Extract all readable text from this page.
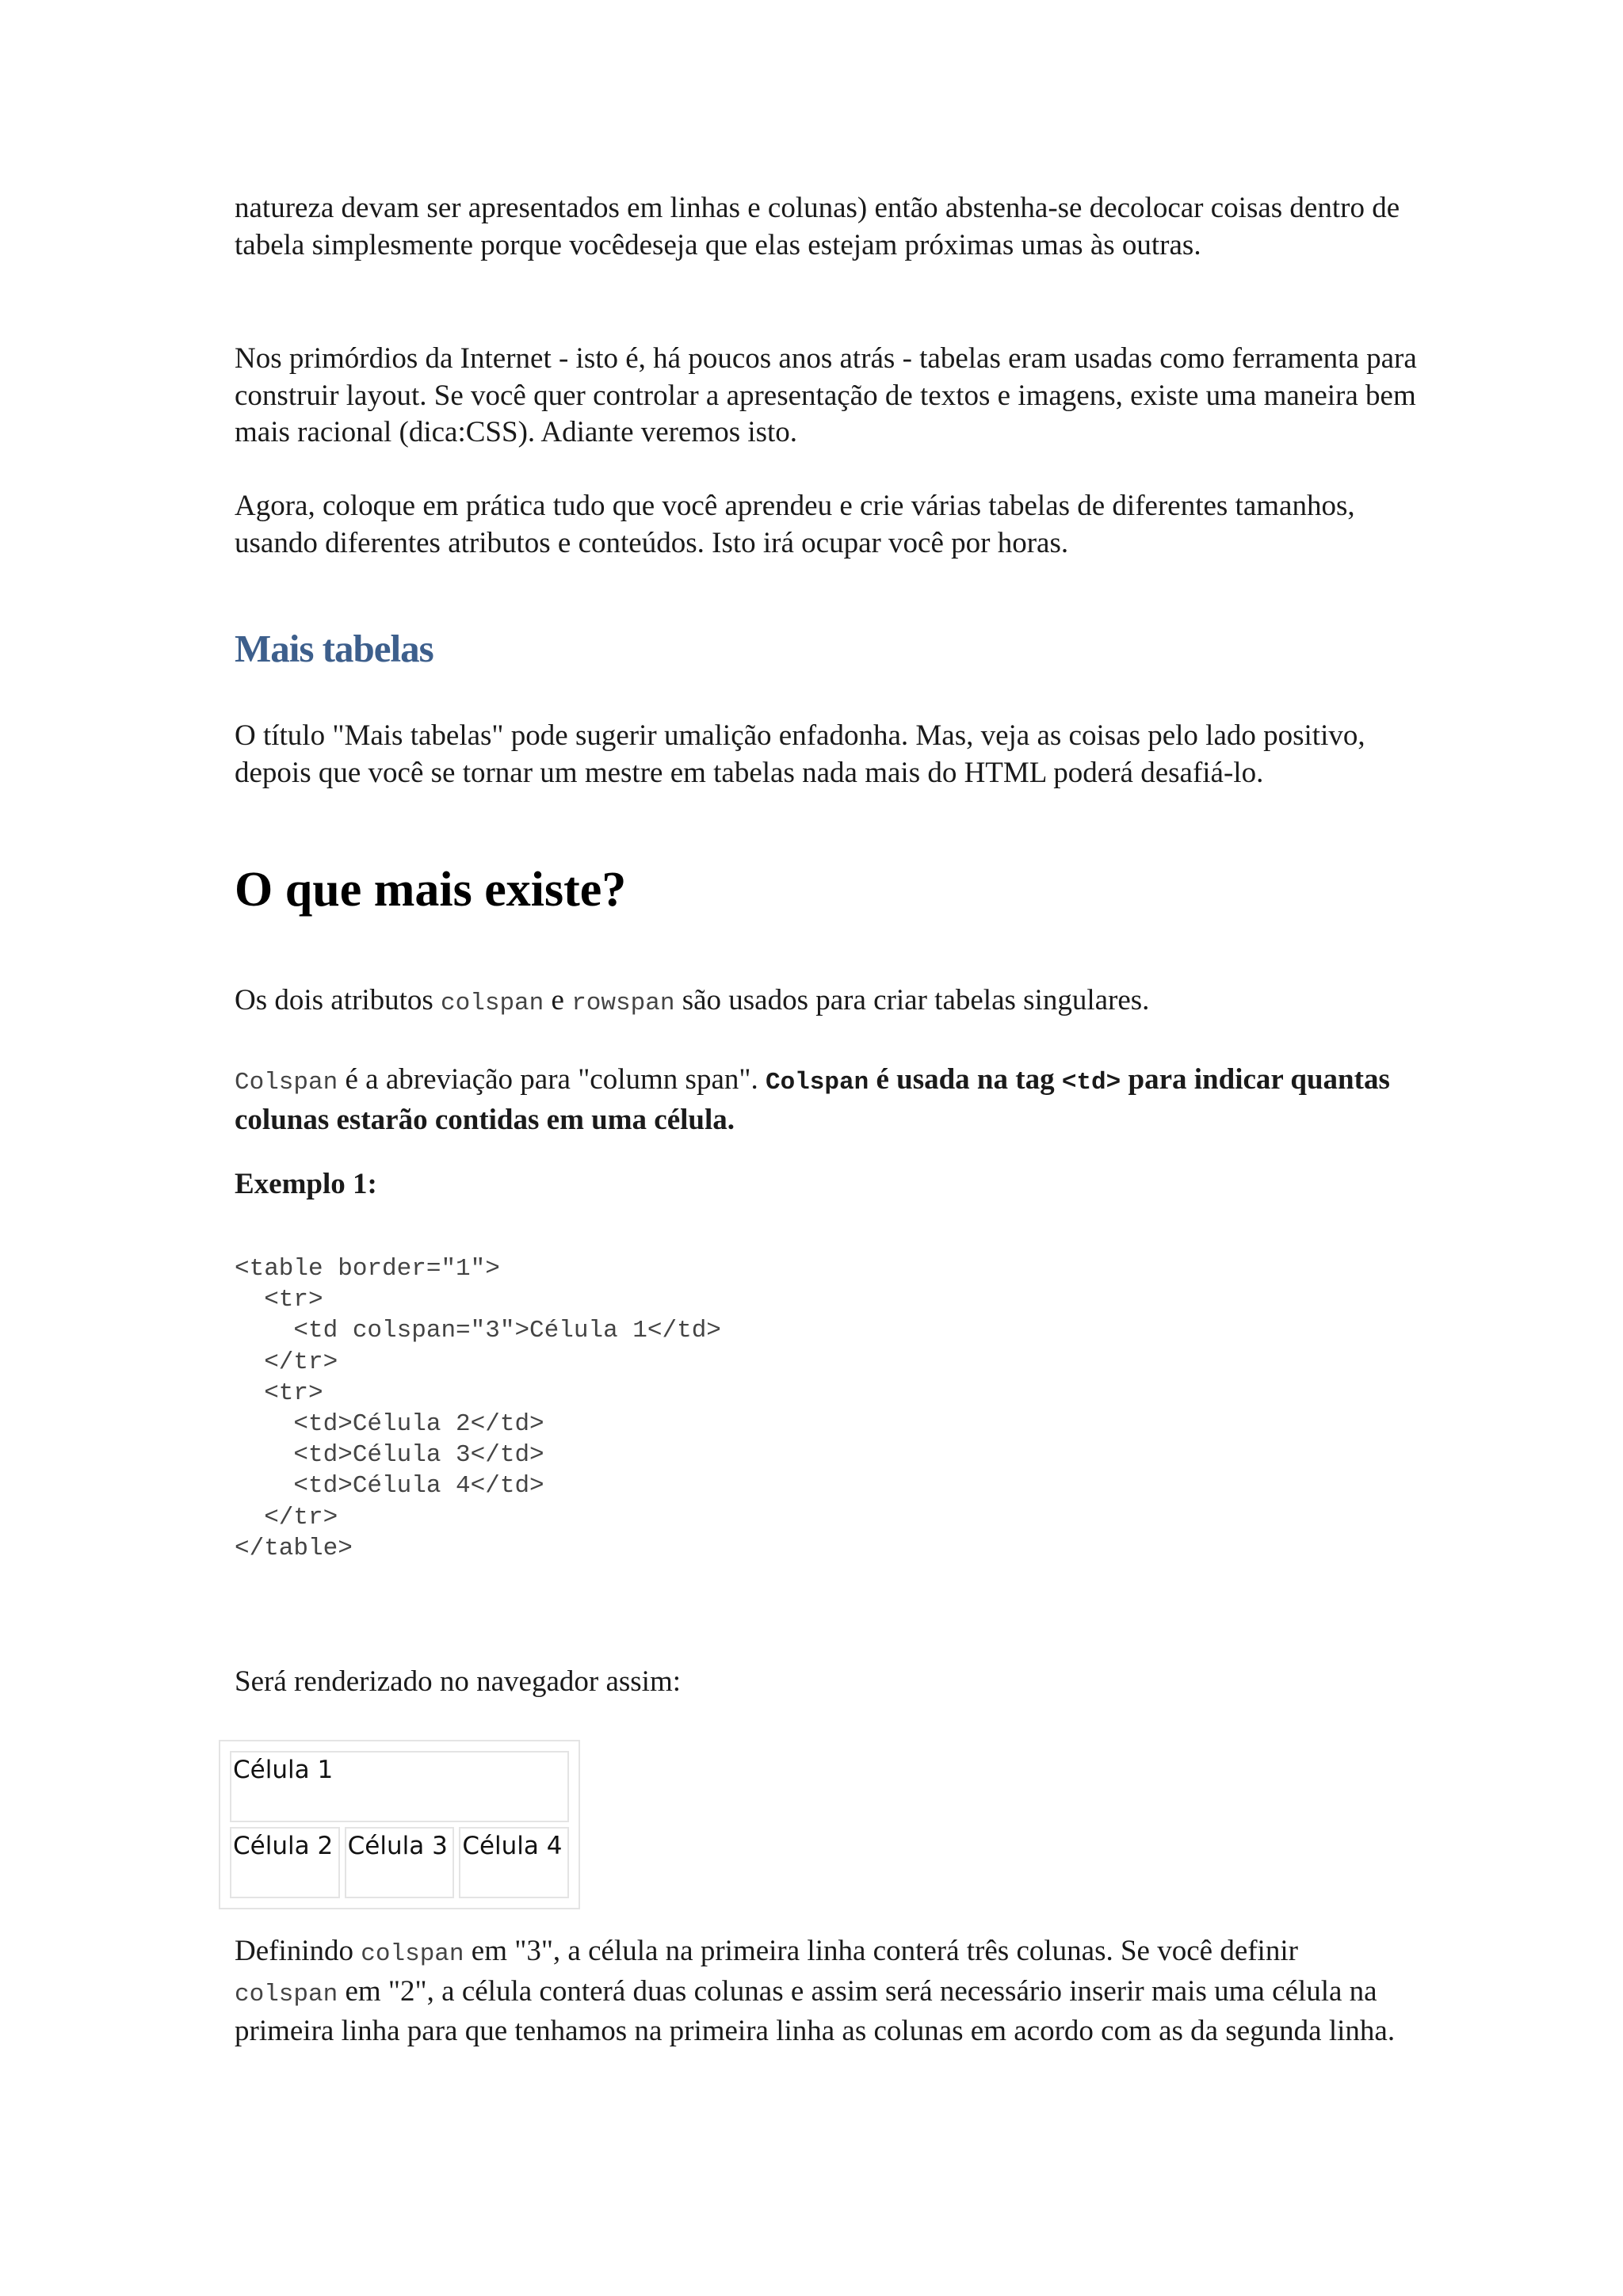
natureza devam ser apresentados em linhas e colunas) então abstenha-se decolocar coisas dentro de tabela simplesmente porque vocêdeseja que elas estejam próximas umas às outras.

Nos primórdios da Internet - isto é, há poucos anos atrás - tabelas eram usadas como ferramenta para construir layout. Se você quer controlar a apresentação de textos e imagens, existe uma maneira bem mais racional (dica:CSS). Adiante veremos isto.

Agora, coloque em prática tudo que você aprendeu e crie várias tabelas de diferentes tamanhos, usando diferentes atributos e conteúdos. Isto irá ocupar você por horas.

Mais tabelas

O título "Mais tabelas" pode sugerir umalição enfadonha. Mas, veja as coisas pelo lado positivo, depois que você se tornar um mestre em tabelas nada mais do HTML poderá desafiá-lo.

O que mais existe?

Os dois atributos colspan e rowspan são usados para criar tabelas singulares.

Colspan é a abreviação para "column span". Colspan é usada na tag <td> para indicar quantas colunas estarão contidas em uma célula.

Exemplo 1:

<table border="1">
<tr>
<td colspan="3">Célula 1</td>
</tr>
<tr>
<td>Célula 2</td>
<td>Célula 3</td>
<td>Célula 4</td>
</tr>
</table>

Será renderizado no navegador assim:

Célula 1
Célula 2	Célula 3	Célula 4

Definindo colspan em "3", a célula na primeira linha conterá três colunas. Se você definir colspan em "2", a célula conterá duas colunas e assim será necessário inserir mais uma célula na primeira linha para que tenhamos na primeira linha as colunas em acordo com as da segunda linha.
